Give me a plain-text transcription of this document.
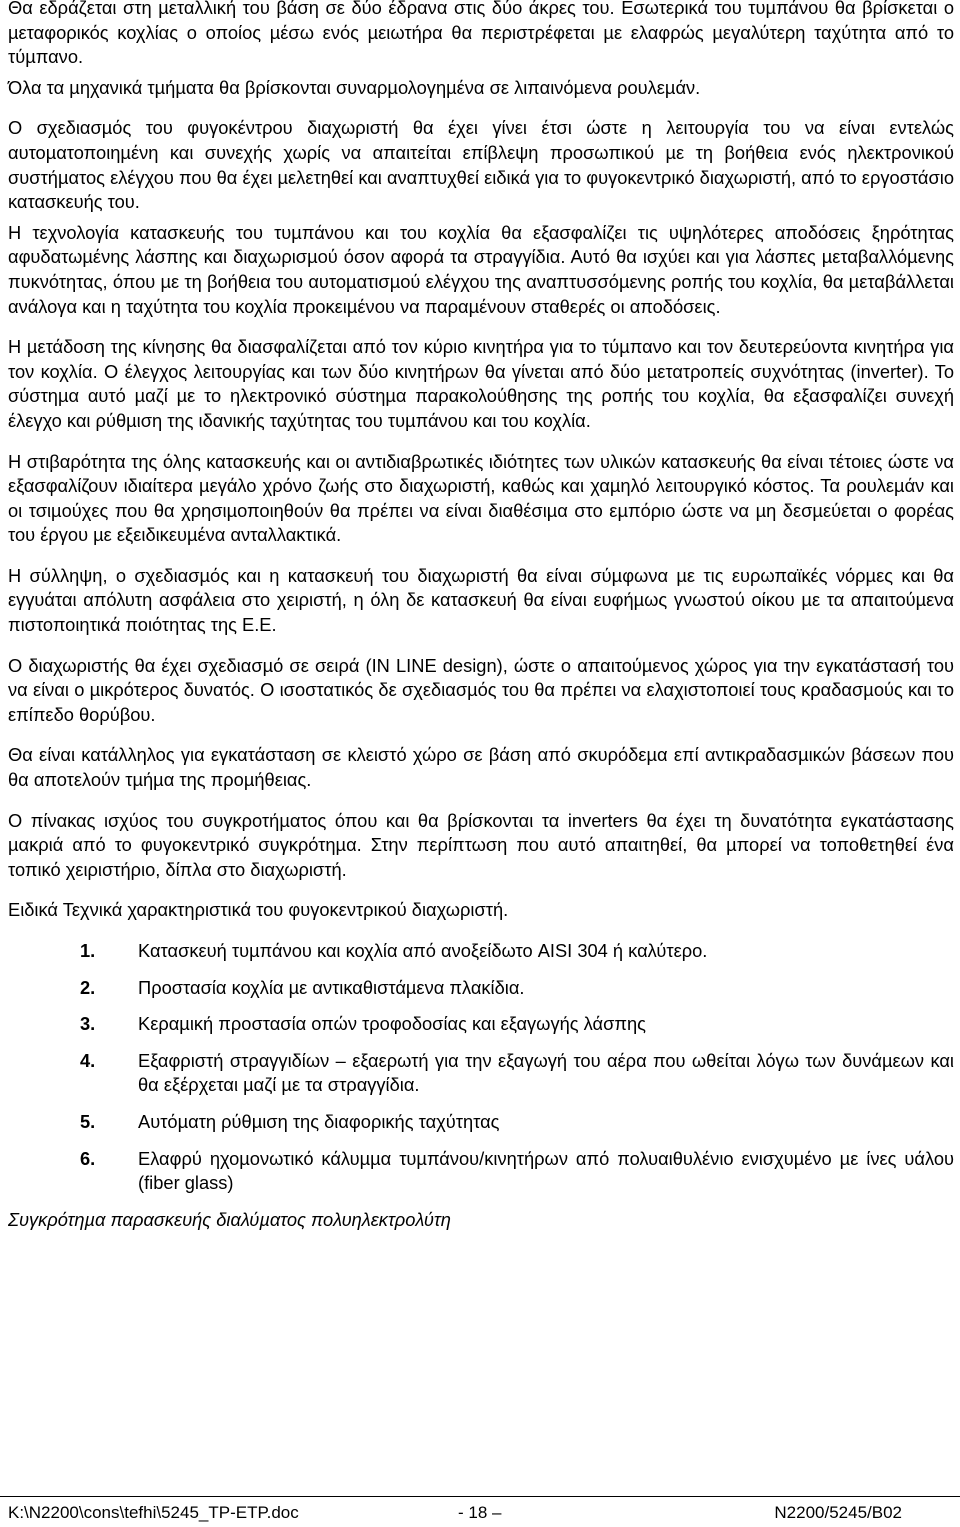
Θα εδράζεται στη µεταλλική του βάση σε δύο έδρανα στις δύο άκρες του. Εσωτερικά του τυµπάνου θα βρίσκεται ο µεταφορικός κοχλίας ο οποίος µέσω ενός µειωτήρα θα περιστρέφεται µε ελαφρώς µεγαλύτερη ταχύτητα από το τύµπανο.

Όλα τα µηχανικά τµήµατα θα βρίσκονται συναρµολογηµένα σε λιπαινόµενα ρουλεµάν.

Ο σχεδιασµός του φυγοκέντρου διαχωριστή θα έχει γίνει έτσι ώστε η λειτουργία του να είναι εντελώς αυτοµατοποιηµένη και συνεχής χωρίς να απαιτείται επίβλεψη προσωπικού µε τη βοήθεια ενός ηλεκτρονικού συστήµατος ελέγχου που θα έχει µελετηθεί και αναπτυχθεί ειδικά για το φυγοκεντρικό διαχωριστή, από το εργοστάσιο κατασκευής του.

Η τεχνολογία κατασκευής του τυµπάνου και του κοχλία θα εξασφαλίζει τις υψηλότερες αποδόσεις ξηρότητας αφυδατωµένης λάσπης και διαχωρισµού όσον αφορά τα στραγγίδια. Αυτό θα ισχύει και για λάσπες µεταβαλλόµενης πυκνότητας, όπου µε τη βοήθεια του αυτοµατισµού ελέγχου της αναπτυσσόµενης ροπής του κοχλία, θα µεταβάλλεται ανάλογα και η ταχύτητα του κοχλία προκειµένου να παραµένουν σταθερές οι αποδόσεις.

Η µετάδοση της κίνησης θα διασφαλίζεται από τον κύριο κινητήρα για το τύµπανο και τον δευτερεύοντα κινητήρα για τον κοχλία. Ο έλεγχος λειτουργίας και των δύο κινητήρων θα γίνεται από δύο µετατροπείς συχνότητας (inverter). Το σύστηµα αυτό µαζί µε το ηλεκτρονικό σύστηµα παρακολούθησης της ροπής του κοχλία, θα εξασφαλίζει συνεχή έλεγχο και ρύθµιση της ιδανικής ταχύτητας του τυµπάνου και του κοχλία.

Η στιβαρότητα της όλης κατασκευής και οι αντιδιαβρωτικές ιδιότητες των υλικών κατασκευής θα είναι τέτοιες ώστε να εξασφαλίζουν ιδιαίτερα µεγάλο χρόνο ζωής στο διαχωριστή, καθώς και χαµηλό λειτουργικό κόστος. Τα ρουλεµάν και οι τσιµούχες που θα χρησιµοποιηθούν θα πρέπει να είναι διαθέσιµα στο εµπόριο ώστε να µη δεσµεύεται ο φορέας του έργου µε εξειδικευµένα ανταλλακτικά.

Η σύλληψη, ο σχεδιασµός και η κατασκευή του διαχωριστή θα είναι σύµφωνα µε τις ευρωπαϊκές νόρµες και θα εγγυάται απόλυτη ασφάλεια στο χειριστή, η όλη δε κατασκευή θα είναι ευφήµως γνωστού οίκου µε τα απαιτούµενα πιστοποιητικά ποιότητας της Ε.Ε.

Ο διαχωριστής θα έχει σχεδιασµό σε σειρά (IN LINE design), ώστε ο απαιτούµενος χώρος για την εγκατάστασή του να είναι ο µικρότερος δυνατός. Ο ισοστατικός δε σχεδιασµός του θα πρέπει να ελαχιστοποιεί τους κραδασµούς και το επίπεδο θορύβου.

Θα είναι κατάλληλος για εγκατάσταση σε κλειστό χώρο σε βάση από σκυρόδεµα επί αντικραδασµικών βάσεων που θα αποτελούν τµήµα της προµήθειας.

Ο πίνακας ισχύος του συγκροτήµατος όπου και θα βρίσκονται τα inverters θα έχει τη δυνατότητα εγκατάστασης µακριά από το φυγοκεντρικό συγκρότηµα. Στην περίπτωση που αυτό απαιτηθεί, θα µπορεί να τοποθετηθεί ένα τοπικό χειριστήριο, δίπλα στο διαχωριστή.

Ειδικά Τεχνικά χαρακτηριστικά του φυγοκεντρικού διαχωριστή.

1.	Κατασκευή τυµπάνου και κοχλία από ανοξείδωτο AISI 304 ή καλύτερο.
2.	Προστασία κοχλία µε αντικαθιστάµενα πλακίδια.
3.	Κεραµική προστασία οπών τροφοδοσίας και εξαγωγής λάσπης
4.	Εξαφριστή στραγγιδίων – εξαερωτή για την εξαγωγή του αέρα που ωθείται λόγω των δυνάµεων και θα εξέρχεται µαζί µε τα στραγγίδια.
5.	Αυτόµατη ρύθµιση της διαφορικής ταχύτητας
6.	Ελαφρύ ηχοµονωτικό κάλυµµα τυµπάνου/κινητήρων από πολυαιθυλένιο ενισχυµένο µε ίνες υάλου (fiber glass)

Συγκρότηµα παρασκευής διαλύµατος πολυηλεκτρολύτη

K:\N2200\cons\tefhi\5245_TP-ETP.doc	- 18 –	N2200/5245/B02
